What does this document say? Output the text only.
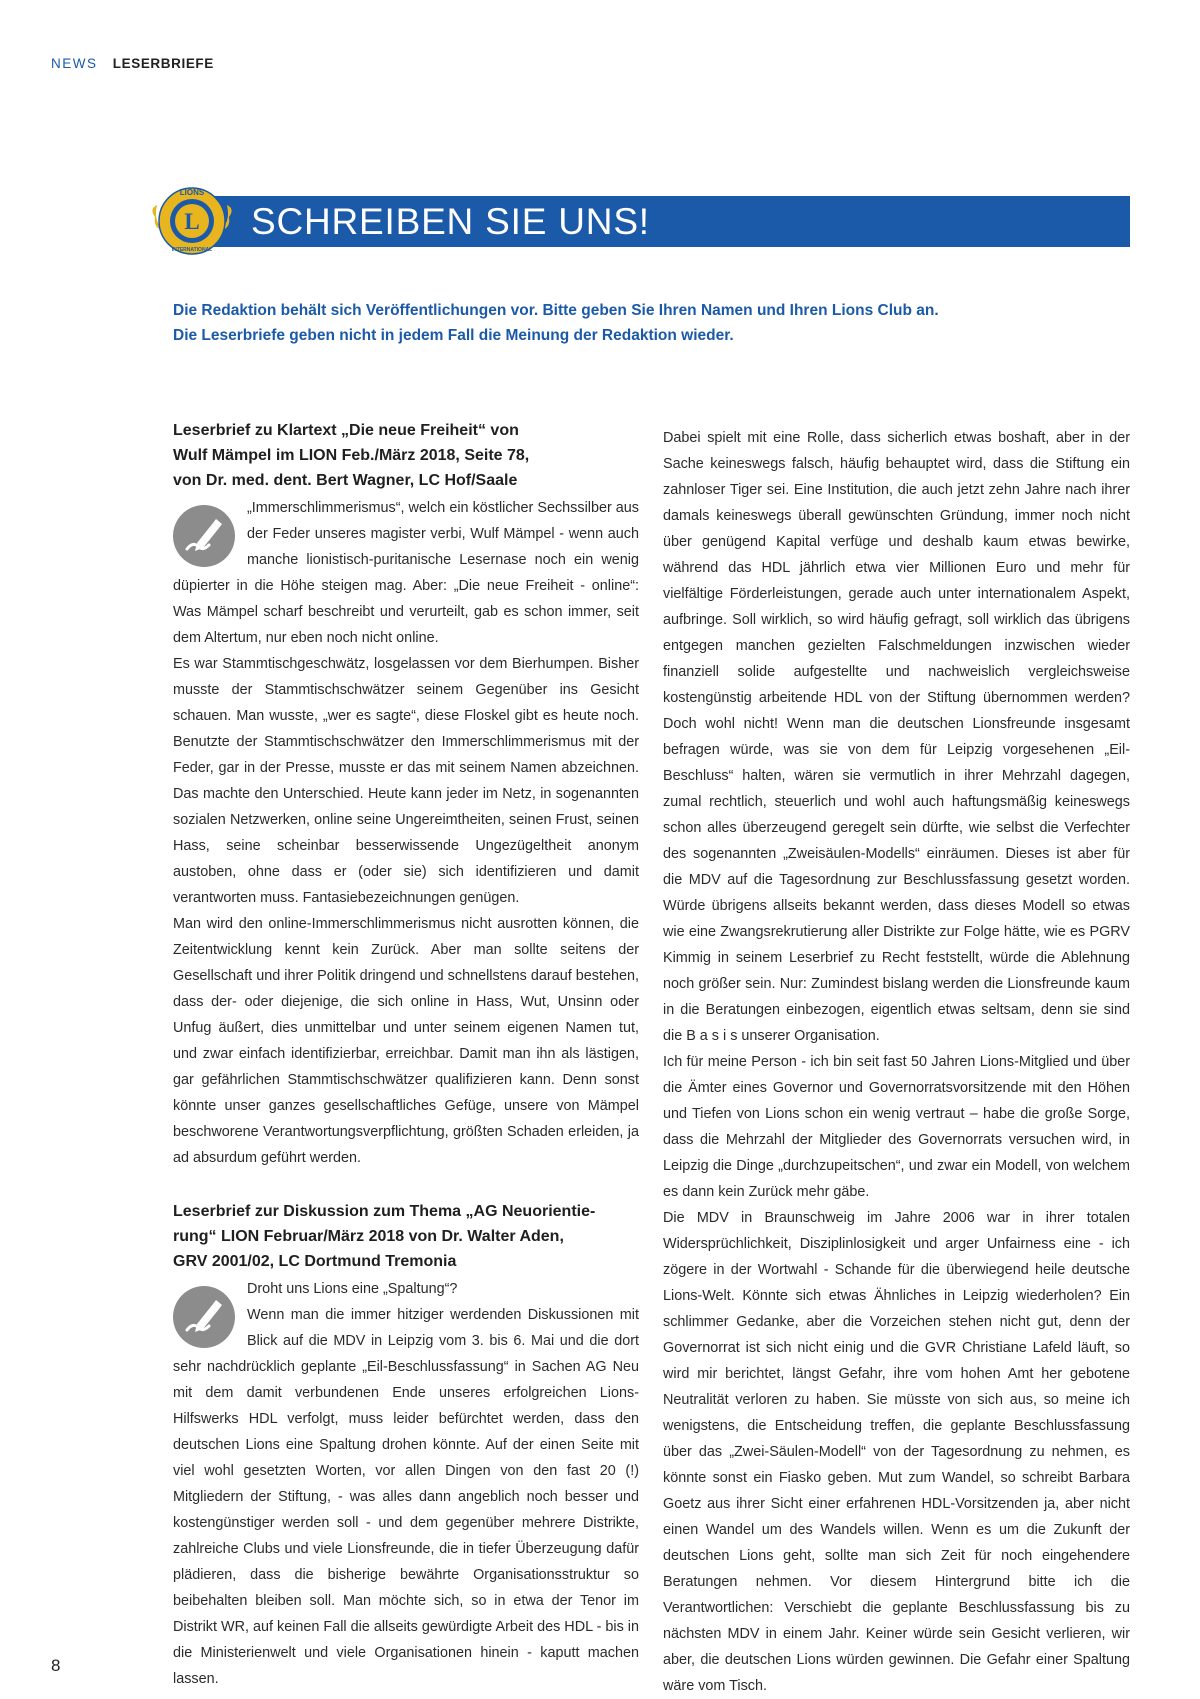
NEWS LESERBRIEFE
SCHREIBEN SIE UNS!
L
LIONS
INTERNATIONAL

Die Redaktion behält sich Veröffentlichungen vor. Bitte geben Sie Ihren Namen und Ihren Lions Club an.

Die Leserbriefe geben nicht in jedem Fall die Meinung der Redaktion wieder.

Leserbrief zu Klartext „Die neue Freiheit“ von
Wulf Mämpel im LION Feb./März 2018, Seite 78,
von Dr. med. dent. Bert Wagner, LC Hof/Saale

„Immerschlimmerismus“, welch ein köstlicher Sechssilber aus der Feder unseres magister verbi, Wulf Mämpel - wenn auch manche lionistisch-puritanische Lesernase noch ein wenig düpierter in die Höhe steigen mag. Aber: „Die neue Freiheit - online“: Was Mämpel scharf beschreibt und verurteilt, gab es schon immer, seit dem Altertum, nur eben noch nicht online.

Es war Stammtischgeschwätz, losgelassen vor dem Bierhumpen. Bisher musste der Stammtischschwätzer seinem Gegenüber ins Gesicht schauen. Man wusste, „wer es sagte“, diese Floskel gibt es heute noch. Benutzte der Stammtischschwätzer den Immerschlimmerismus mit der Feder, gar in der Presse, musste er das mit seinem Namen abzeichnen. Das machte den Unterschied. Heute kann jeder im Netz, in sogenannten sozialen Netzwerken, online seine Ungereimtheiten, seinen Frust, seinen Hass, seine scheinbar besserwissende Ungezügeltheit anonym austoben, ohne dass er (oder sie) sich identifizieren und damit verantworten muss. Fantasiebezeichnungen genügen.

Man wird den online-Immerschlimmerismus nicht ausrotten können, die Zeitentwicklung kennt kein Zurück. Aber man sollte seitens der Gesellschaft und ihrer Politik dringend und schnellstens darauf bestehen, dass der- oder diejenige, die sich online in Hass, Wut, Unsinn oder Unfug äußert, dies unmittelbar und unter seinem eigenen Namen tut, und zwar einfach identifizierbar, erreichbar. Damit man ihn als lästigen, gar gefährlichen Stammtischschwätzer qualifizieren kann. Denn sonst könnte unser ganzes gesellschaftliches Gefüge, unsere von Mämpel beschworene Verantwortungsverpflichtung, größten Schaden erleiden, ja ad absurdum geführt werden.

Leserbrief zur Diskussion zum Thema „AG Neuorientie-
rung“ LION Februar/März 2018 von Dr. Walter Aden,
GRV 2001/02, LC Dortmund Tremonia

Droht uns Lions eine „Spaltung“?

Wenn man die immer hitziger werdenden Diskussionen mit Blick auf die MDV in Leipzig vom 3. bis 6. Mai und die dort sehr nachdrücklich geplante „Eil-Beschlussfassung“ in Sachen AG Neu mit dem damit verbundenen Ende unseres erfolgreichen Lions-Hilfswerks HDL verfolgt, muss leider befürchtet werden, dass den deutschen Lions eine Spaltung drohen könnte. Auf der einen Seite mit viel wohl gesetzten Worten, vor allen Dingen von den fast 20 (!) Mitgliedern der Stiftung, - was alles dann angeblich noch besser und kostengünstiger werden soll - und dem gegenüber mehrere Distrikte, zahlreiche Clubs und viele Lionsfreunde, die in tiefer Überzeugung dafür plädieren, dass die bisherige bewährte Organisationsstruktur so beibehalten bleiben soll. Man möchte sich, so in etwa der Tenor im Distrikt WR, auf keinen Fall die allseits gewürdigte Arbeit des HDL - bis in die Ministerienwelt und viele Organisationen hinein - kaputt machen lassen.

Dabei spielt mit eine Rolle, dass sicherlich etwas boshaft, aber in der Sache keineswegs falsch, häufig behauptet wird, dass die Stiftung ein zahnloser Tiger sei. Eine Institution, die auch jetzt zehn Jahre nach ihrer damals keineswegs überall gewünschten Gründung, immer noch nicht über genügend Kapital verfüge und deshalb kaum etwas bewirke, während das HDL jährlich etwa vier Millionen Euro und mehr für vielfältige Förderleistungen, gerade auch unter internationalem Aspekt, aufbringe. Soll wirklich, so wird häufig gefragt, soll wirklich das übrigens entgegen manchen gezielten Falschmeldungen inzwischen wieder finanziell solide aufgestellte und nachweislich vergleichsweise kostengünstig arbeitende HDL von der Stiftung übernommen werden? Doch wohl nicht! Wenn man die deutschen Lionsfreunde insgesamt befragen würde, was sie von dem für Leipzig vorgesehenen „Eil-Beschluss“ halten, wären sie vermutlich in ihrer Mehrzahl dagegen, zumal rechtlich, steuerlich und wohl auch haftungsmäßig keineswegs schon alles überzeugend geregelt sein dürfte, wie selbst die Verfechter des sogenannten „Zweisäulen-Modells“ einräumen. Dieses ist aber für die MDV auf die Tagesordnung zur Beschlussfassung gesetzt worden. Würde übrigens allseits bekannt werden, dass dieses Modell so etwas wie eine Zwangsrekrutierung aller Distrikte zur Folge hätte, wie es PGRV Kimmig in seinem Leserbrief zu Recht feststellt, würde die Ablehnung noch größer sein. Nur: Zumindest bislang werden die Lionsfreunde kaum in die Beratungen einbezogen, eigentlich etwas seltsam, denn sie sind die B a s i s unserer Organisation.

Ich für meine Person - ich bin seit fast 50 Jahren Lions-Mitglied und über die Ämter eines Governor und Governorratsvorsitzende mit den Höhen und Tiefen von Lions schon ein wenig vertraut – habe die große Sorge, dass die Mehrzahl der Mitglieder des Governorrats versuchen wird, in Leipzig die Dinge „durchzupeitschen“, und zwar ein Modell, von welchem es dann kein Zurück mehr gäbe.

Die MDV in Braunschweig im Jahre 2006 war in ihrer totalen Widersprüchlichkeit, Disziplinlosigkeit und arger Unfairness eine - ich zögere in der Wortwahl - Schande für die überwiegend heile deutsche Lions-Welt. Könnte sich etwas Ähnliches in Leipzig wiederholen? Ein schlimmer Gedanke, aber die Vorzeichen stehen nicht gut, denn der Governorrat ist sich nicht einig und die GVR Christiane Lafeld läuft, so wird mir berichtet, längst Gefahr, ihre vom hohen Amt her gebotene Neutralität verloren zu haben. Sie müsste von sich aus, so meine ich wenigstens, die Entscheidung treffen, die geplante Beschlussfassung über das „Zwei-Säulen-Modell“ von der Tagesordnung zu nehmen, es könnte sonst ein Fiasko geben. Mut zum Wandel, so schreibt Barbara Goetz aus ihrer Sicht einer erfahrenen HDL-Vorsitzenden ja, aber nicht einen Wandel um des Wandels willen. Wenn es um die Zukunft der deutschen Lions geht, sollte man sich Zeit für noch eingehendere Beratungen nehmen. Vor diesem Hintergrund bitte ich die Verantwortlichen: Verschiebt die geplante Beschlussfassung bis zu nächsten MDV in einem Jahr. Keiner würde sein Gesicht verlieren, wir aber, die deutschen Lions würden gewinnen. Die Gefahr einer Spaltung wäre vom Tisch.

8
